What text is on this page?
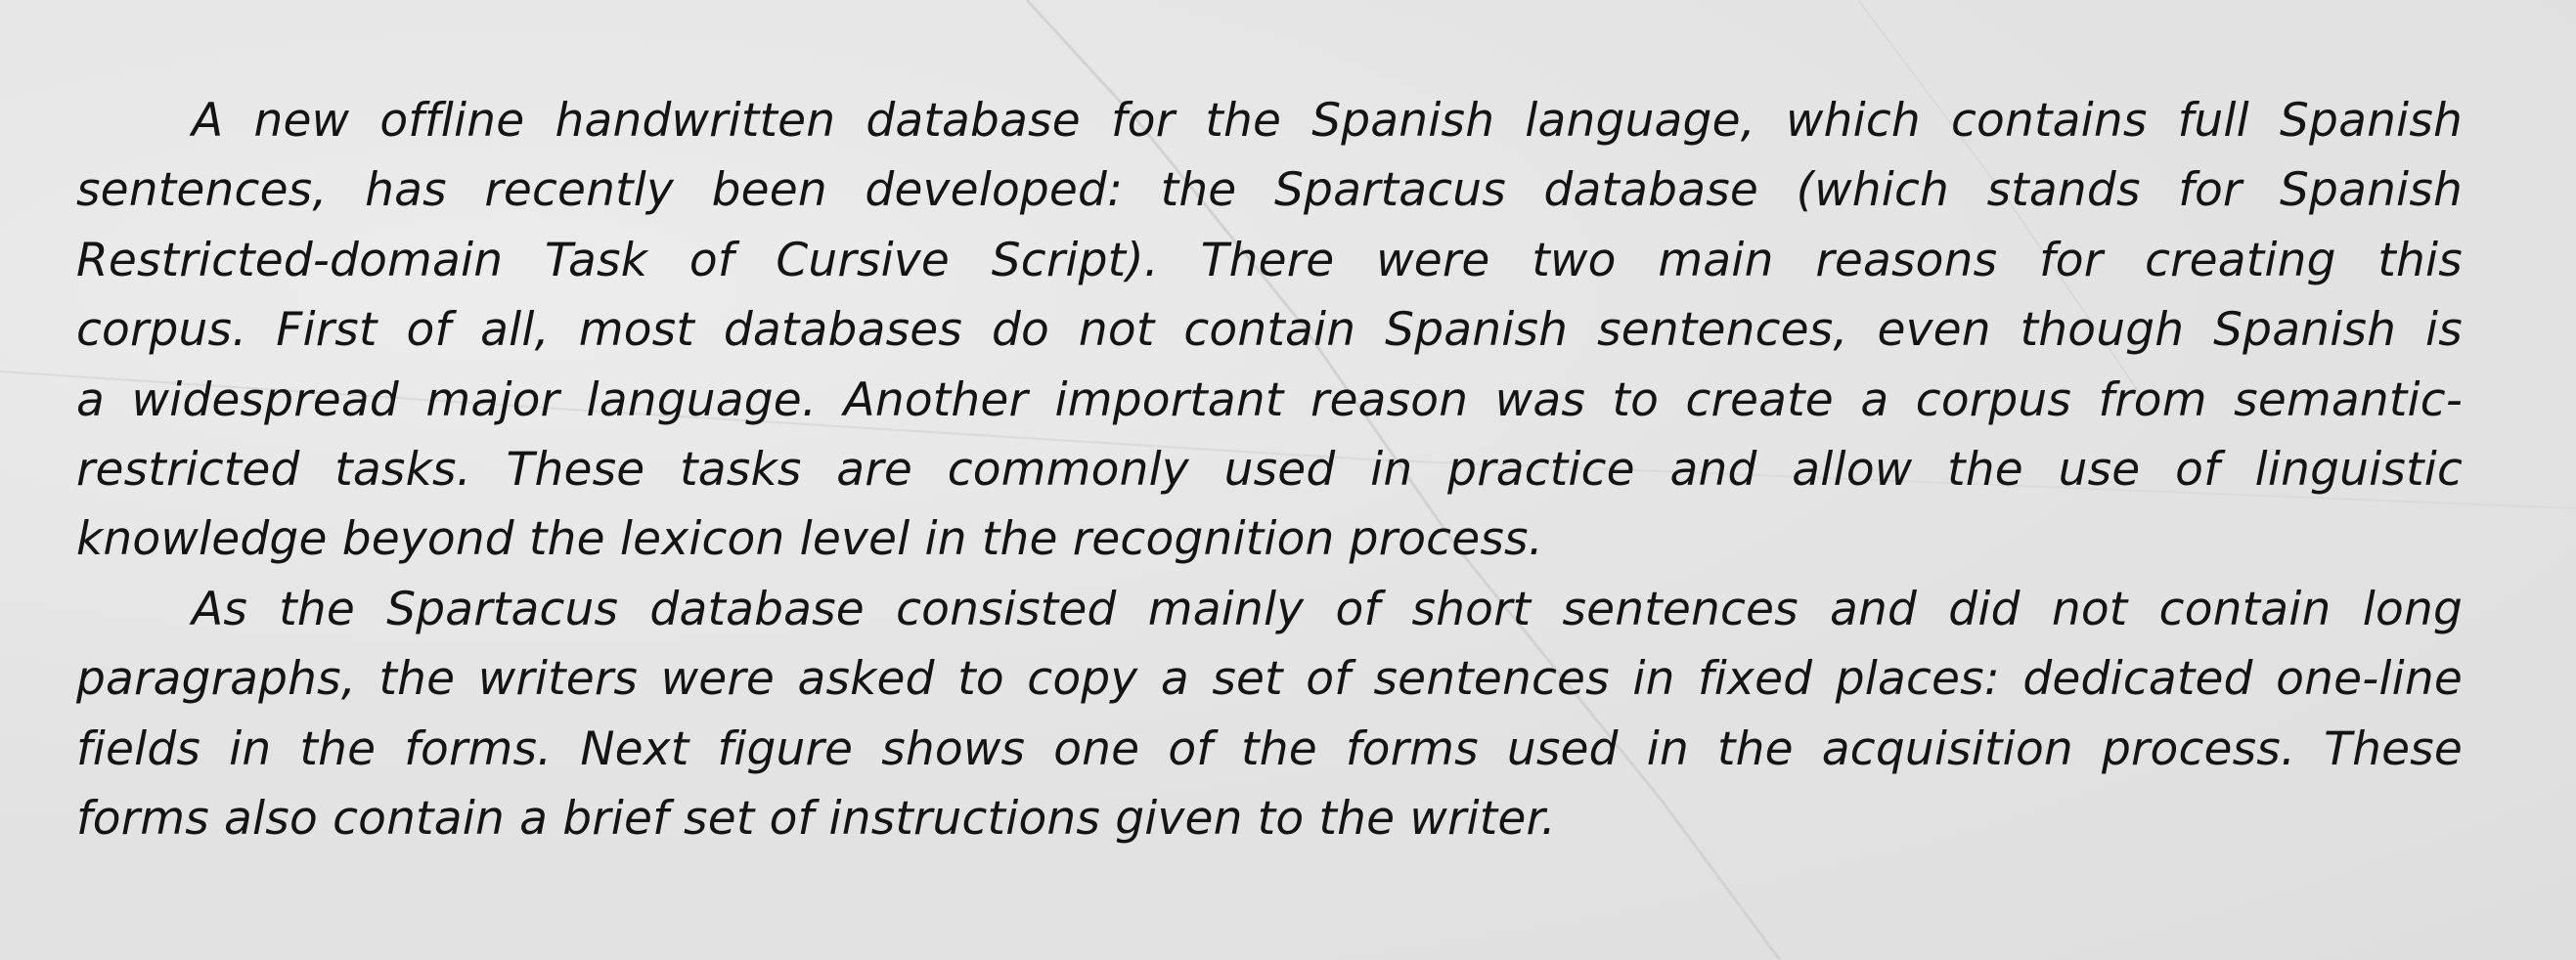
A new offline handwritten database for the Spanish language, which contains full Spanish
sentences, has recently been developed: the Spartacus database (which stands for Spanish
Restricted-domain Task of Cursive Script). There were two main reasons for creating this
corpus. First of all, most databases do not contain Spanish sentences, even though Spanish is
a widespread major language. Another important reason was to create a corpus from semantic-
restricted tasks. These tasks are commonly used in practice and allow the use of linguistic
knowledge beyond the lexicon level in the recognition process.

As the Spartacus database consisted mainly of short sentences and did not contain long
paragraphs, the writers were asked to copy a set of sentences in fixed places: dedicated one-line
fields in the forms. Next figure shows one of the forms used in the acquisition process. These
forms also contain a brief set of instructions given to the writer.
